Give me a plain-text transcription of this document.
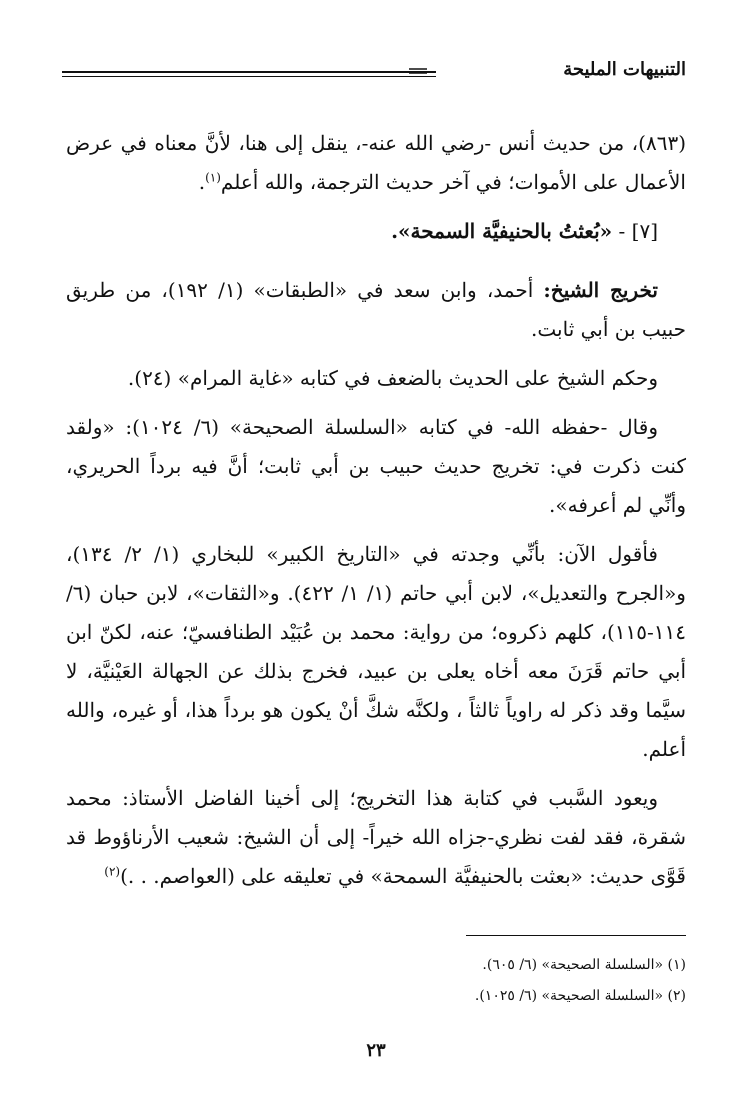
التنبيهات المليحة

(٨٦٣)، من حديث أنس -رضي الله عنه-، ينقل إلى هنا، لأنَّ معناه في عرض الأعمال على الأموات؛ في آخر حديث الترجمة، والله أعلم$^{(١)}$.

[٧] - «بُعثتُ بالحنيفيَّة السمحة».

تخريج الشيخ: أحمد، وابن سعد في «الطبقات» (١/ ١٩٢)، من طريق حبيب بن أبي ثابت.

وحكم الشيخ على الحديث بالضعف في كتابه «غاية المرام» (٢٤).

وقال -حفظه الله- في كتابه «السلسلة الصحيحة» (٦/ ١٠٢٤): «ولقد كنت ذكرت في: تخريج حديث حبيب بن أبي ثابت؛ أنَّ فيه برداً الحريري، وأنِّي لم أعرفه».

فأقول الآن: بأنِّي وجدته في «التاريخ الكبير» للبخاري (١/ ٢/ ١٣٤)، و«الجرح والتعديل»، لابن أبي حاتم (١/ ١/ ٤٢٢). و«الثقات»، لابن حبان (٦/ ١١٤-١١٥)، كلهم ذكروه؛ من رواية: محمد بن عُبَيْد الطنافسيّ؛ عنه، لكنّ ابن أبي حاتم قَرَنَ معه أخاه يعلى بن عبيد، فخرج بذلك عن الجهالة العَيْنيَّة، لا سيَّما وقد ذكر له راوياً ثالثاً ، ولكنَّه شكَّ أنْ يكون هو برداً هذا، أو غيره، والله أعلم.

ويعود السَّبب في كتابة هذا التخريج؛ إلى أخينا الفاضل الأستاذ: محمد شقرة، فقد لفت نظري-جزاه الله خيراً- إلى أن الشيخ: شعيب الأرناؤوط قد قَوَّى حديث: «بعثت بالحنيفيَّة السمحة» في تعليقه على (العواصم. . .)$^{(٢)}$

(١) «السلسلة الصحيحة» (٦/ ٦٠٥).

(٢) «السلسلة الصحيحة» (٦/ ١٠٢٥).

٢٣
